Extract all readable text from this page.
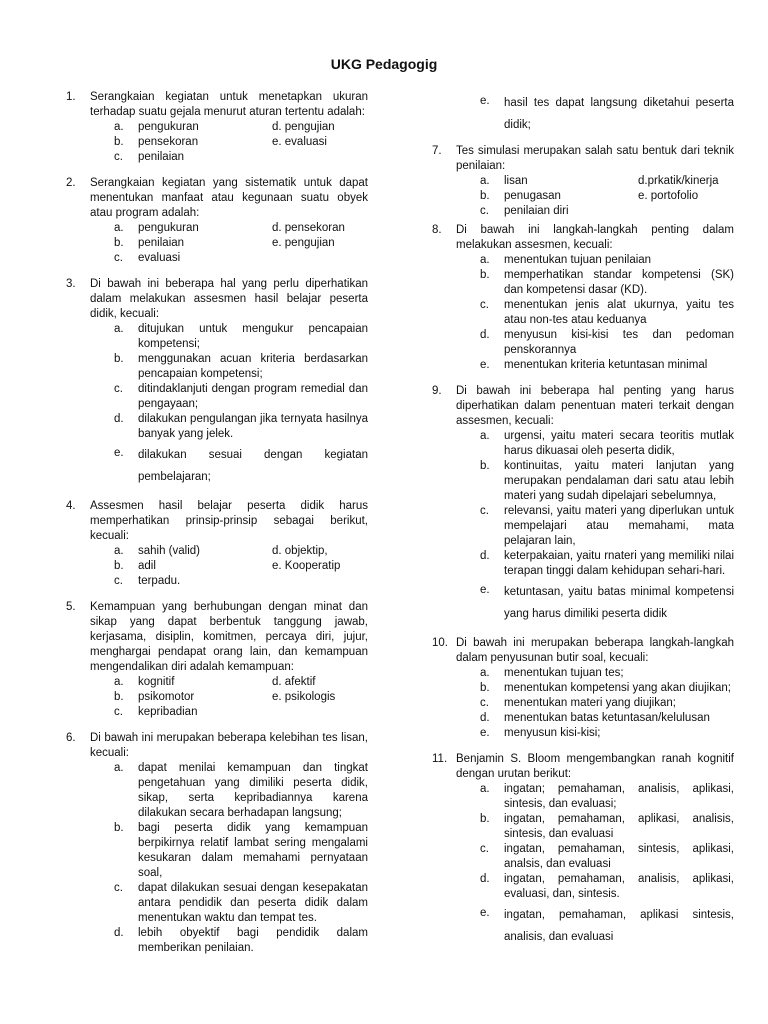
UKG Pedagogig
1. Serangkaian kegiatan untuk menetapkan ukuran terhadap suatu gejala menurut aturan tertentu adalah:
a. pengukuran	d. pengujian
b. pensekoran	e. evaluasi
c. penilaian
2. Serangkaian kegiatan yang sistematik untuk dapat menentukan manfaat atau kegunaan suatu obyek atau program adalah:
a. pengukuran	d. pensekoran
b. penilaian	e. pengujian
c. evaluasi
3. Di bawah ini beberapa hal yang perlu diperhatikan dalam melakukan assesmen hasil belajar peserta didik, kecuali:
a. ditujukan untuk mengukur pencapaian kompetensi;
b. menggunakan acuan kriteria berdasarkan pencapaian kompetensi;
c. ditindaklanjuti dengan program remedial dan pengayaan;
d. dilakukan pengulangan jika ternyata hasilnya banyak yang jelek.
e. dilakukan sesuai dengan kegiatan pembelajaran;
4. Assesmen hasil belajar peserta didik harus memperhatikan prinsip-prinsip sebagai berikut, kecuali:
a. sahih (valid)	d. objektip,
b. adil	e. Kooperatip
c. terpadu.
5. Kemampuan yang berhubungan dengan minat dan sikap yang dapat berbentuk tanggung jawab, kerjasama, disiplin, komitmen, percaya diri, jujur, menghargai pendapat orang lain, dan kemampuan mengendalikan diri adalah kemampuan:
a. kognitif	d. afektif
b. psikomotor	e. psikologis
c. kepribadian
6. Di bawah ini merupakan beberapa kelebihan tes lisan, kecuali:
a. dapat menilai kemampuan dan tingkat pengetahuan yang dimiliki peserta didik, sikap, serta kepribadiannya karena dilakukan secara berhadapan langsung;
b. bagi peserta didik yang kemampuan berpikirnya relatif lambat sering mengalami kesukaran dalam memahami pernyataan soal,
c. dapat dilakukan sesuai dengan kesepakatan antara pendidik dan peserta didik dalam menentukan waktu dan tempat tes.
d. lebih obyektif bagi pendidik dalam memberikan penilaian.
e. hasil tes dapat langsung diketahui peserta didik;
7. Tes simulasi merupakan salah satu bentuk dari teknik penilaian:
a. lisan	d.prkatik/kinerja
b. penugasan	e. portofolio
c. penilaian diri
8. Di bawah ini langkah-langkah penting dalam melakukan assesmen, kecuali:
a. menentukan tujuan penilaian
b. memperhatikan standar kompetensi (SK) dan kompetensi dasar (KD).
c. menentukan jenis alat ukurnya, yaitu tes atau non-tes atau keduanya
d. menyusun kisi-kisi tes dan pedoman penskorannya
e. menentukan kriteria ketuntasan minimal
9. Di bawah ini beberapa hal penting yang harus diperhatikan dalam penentuan materi terkait dengan assesmen, kecuali:
a. urgensi, yaitu materi secara teoritis mutlak harus dikuasai oleh peserta didik,
b. kontinuitas, yaitu materi lanjutan yang merupakan pendalaman dari satu atau lebih materi yang sudah dipelajari sebelumnya,
c. relevansi, yaitu materi yang diperlukan untuk mempelajari atau memahami, mata pelajaran lain,
d. keterpakaian, yaitu rnateri yang memiliki nilai terapan tinggi dalam kehidupan sehari-hari.
e. ketuntasan, yaitu batas minimal kompetensi yang harus dimiliki peserta didik
10. Di bawah ini merupakan beberapa langkah-langkah dalam penyusunan butir soal, kecuali:
a. menentukan tujuan tes;
b. menentukan kompetensi yang akan diujikan;
c. menentukan materi yang diujikan;
d. menentukan batas ketuntasan/kelulusan
e. menyusun kisi-kisi;
11. Benjamin S. Bloom mengembangkan ranah kognitif dengan urutan berikut:
a. ingatan; pemahaman, analisis, aplikasi, sintesis, dan evaluasi;
b. ingatan, pemahaman, aplikasi, analisis, sintesis, dan evaluasi
c. ingatan, pemahaman, sintesis, aplikasi, analsis, dan evaluasi
d. ingatan, pemahaman, analisis, aplikasi, evaluasi, dan, sintesis.
e. ingatan, pemahaman, aplikasi sintesis, analisis, dan evaluasi
